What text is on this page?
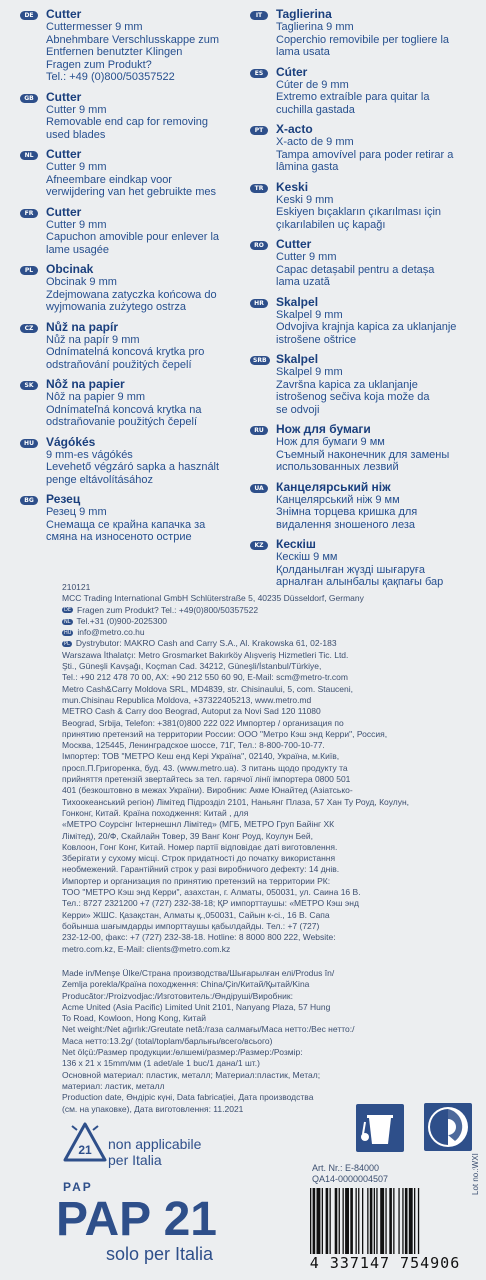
DE	Cutter
Cuttermesser 9 mm
Abnehmbare Verschlusskappe zum
Entfernen benutzter Klingen
Fragen zum Produkt?
Tel.: +49 (0)800/50357522
GB	Cutter
Cutter 9 mm
Removable end cap for removing
used blades
NL	Cutter
Cutter 9 mm
Afneembare eindkap voor
verwijdering van het gebruikte mes
FR	Cutter
Cutter 9 mm
Capuchon amovible pour enlever la
lame usagée
PL	Obcinak
Obcinak 9 mm
Zdejmowana zatyczka końcowa do
wyjmowania zużytego ostrza
CZ	Nůž na papír
Nůž na papír 9 mm
Odnímatelná koncová krytka pro
odstraňování použitých čepelí
SK	Nôž na papier
Nôž na papier 9 mm
Odnímateľná koncová krytka na
odstraňovanie použitých čepelí
HU	Vágókés
9 mm-es vágókés
Levehető végzáró sapka a használt
penge eltávolításához
BG	Резец
Резец 9 mm
Снемаща се крайна капачка за
смяна на износеното острие
IT	Taglierina
Taglierina 9 mm
Coperchio removibile per togliere la
lama usata
ES	Cúter
Cúter de 9 mm
Extremo extraíble para quitar la
cuchilla gastada
PT	X-acto
X-acto de 9 mm
Tampa amovível para poder retirar a
lâmina gasta
TR	Keski
Keski 9 mm
Eskiyen bıçakların çıkarılması için
çıkarılabilen uç kapağı
RO	Cutter
Cutter 9 mm
Capac detașabil pentru a detașa
lama uzată
HR	Skalpel
Skalpel 9 mm
Odvojiva krajnja kapica za uklanjanje
istrošene oštrice
SRB Skalpel
Skalpel 9 mm
Završna kapica za uklanjanje
istrošenog sečiva koja može da
se odvoji
RU	Нож для бумаги
Нож для бумаги 9 мм
Съемный наконечник для замены
использованных лезвий
UA	Канцелярський ніж
Канцелярський ніж 9 мм
Знімна торцева кришка для
видалення зношеного леза
KZ	Кескіш
Кескіш 9 мм
Қолданылған жүзді шығаруға
арналған алынбалы қақпағы бар

210121

MCC Trading International GmbH Schlüterstraße 5, 40235 Düsseldorf, Germany

DE Fragen zum Produkt? Tel.: +49(0)800/50357522

NL Tel.+31 (0)900-2025300

HU info@metro.co.hu

PL Dystrybutor: MAKRO Cash and Carry S.A., Al. Krakowska 61, 02-183

Warszawa İthalatçı: Metro Grosmarket Bakırköy Alışveriş Hizmetleri Tic. Ltd.

Şti., Güneşli Kavşağı, Koçman Cad. 34212, Güneşli/İstanbul/Türkiye,

Tel.: +90 212 478 70 00, AX: +90 212 550 60 90, E-Mail: scm@metro-tr.com

Metro Cash&Carry Moldova SRL, MD4839, str. Chisinaului, 5, com. Stauceni,

mun.Chisinau Republica Moldova, +37322405213, www.metro.md

METRO Cash & Carry doo Beograd, Autoput za Novi Sad 120 11080

Beograd, Srbija, Telefon: +381(0)800 222 022 Импортер / организация по

принятию претензий на территории России: ООО "Метро Кэш энд Керри", Россия,

Москва, 125445, Ленинградское шоссе, 71Г, Тел.: 8-800-700-10-77.

Імпортер: ТОВ "МЕТРО Кеш енд Кері Україна", 02140, Україна, м.Київ,

просп.П.Григоренка, буд. 43. (www.metro.ua). З питань щодо продукту та

прийняття претензій звертайтесь за тел. гарячої лінії імпортера 0800 501

401 (безкоштовно в межах України). Виробник: Акме Юнайтед (Азіатсько-

Тихоокеанський регіон) Лімітед Підрозділ 2101, Наньянг Плаза, 57 Хан Ту Роуд, Коулун,

Гонконг, Китай. Країна походження: Китай , для

«МЕТРО Соурсінг Інтернешнл Лімітед» (МГБ, МЕТРО Груп Байінг ХК

Лімітед), 20/Ф, Скайлайн Товер, 39 Ванг Конг Роуд, Коулун Бей,

Ковлоон, Гонг Конг, Китай. Номер партії відповідає даті виготовлення.

Зберігати у сухому місці. Строк придатності до початку використання

необмежений. Гарантійний строк у разі виробничого дефекту: 14 днів.

Импортер и организация по принятию претензий на территории РК:

ТОО "МЕТРО Кэш энд Керри", азахстан, г. Алматы, 050031, ул. Саина 16 В.

Тел.: 8727 2321200 +7 (727) 232-38-18; ҚР импорттаушы: «МЕТРО Кэш энд

Керри» ЖШС. Қазақстан, Алматы қ.,050031, Сайын к-сі., 16 В. Сапа

бойынша шағымдарды импорттаушы қабылдайды. Тел.: +7 (727)

232-12-00, факс: +7 (727) 232-38-18. Hotline: 8 8000 800 222, Website:

metro.com.kz, E-Mail: clients@metro.com.kz

Made in/Menşe Ülke/Страна производства/Шығарылған елі/Produs în/

Zemlja porekla/Країна походження: China/Çin/Китай/Қытай/Kina

Producător:/Proizvodjac:/Изготовитель:/Өндіруші/Виробник:

Acme United (Asia Pacific) Limited Unit 2101, Nanyang Plaza, 57 Hung

To Road, Kowloon, Hong Kong, Китай

Net weight:/Net ağırlık:/Greutate netă:/газа салмағы/Маса нетто:/Вес нетто:/

Маса нетто:13.2g/ (total/toplam/барлығы/всего/всього)

Net ölçü:/Размер продукции:/өлшемі/размер:/Размер:/Розмір:

136 x 21 x 15mm/мм (1 adet/ale 1 buc/1 дана/1 шт.)

Основной материал: пластик, металл; Материал:пластик, Метал;

материал: ластик, металл

Production date, Өндіріс күні, Data fabricației, Дата производства

(см. на упаковке), Дата виготовлення: 11.2021

21 non applicabile
per Italia
PAP
PAP 21
solo per Italia
Art. Nr.: E-84000
QA14-0000004507
4 337147 754906
Lot no.:WXI
